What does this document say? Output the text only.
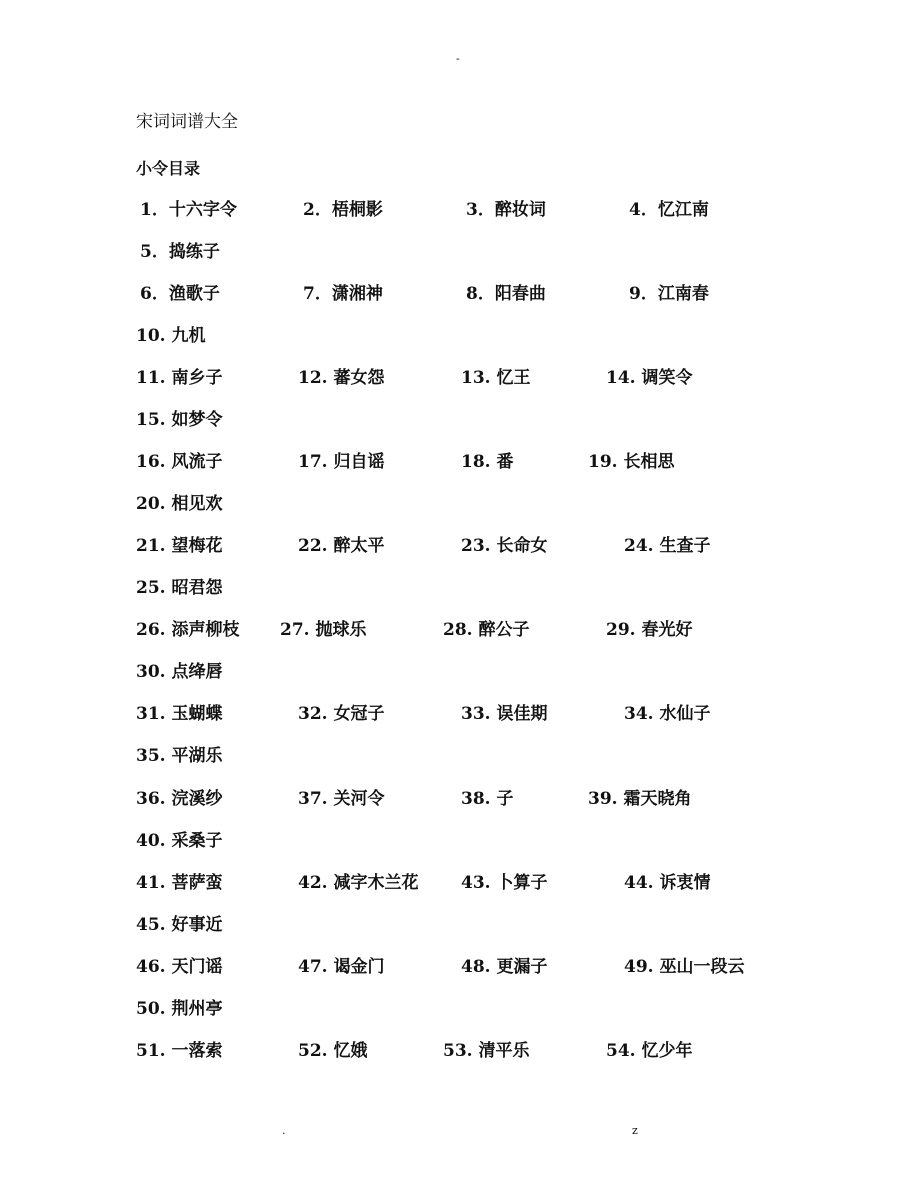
-
宋词词谱大全
小令目录
1．十六字令	2．梧桐影	3．醉妆词	4．忆江南
5．捣练子
6．渔歌子	7．潇湘神	8．阳春曲	9．江南春
10. 九机
11. 南乡子	12. 蕃女怨	13. 忆王	14. 调笑令
15. 如梦令
16. 风流子	17. 归自谣	18. 番	19. 长相思
20. 相见欢
21. 望梅花	22. 醉太平	23. 长命女	24. 生查子
25. 昭君怨
26. 添声柳枝 27. 抛球乐	28. 醉公子	29. 春光好
30. 点绛唇
31. 玉蝴蝶	32. 女冠子	33. 误佳期	34. 水仙子
35. 平湖乐
36. 浣溪纱	37. 关河令	38. 子	39. 霜天晓角
40. 采桑子
41. 菩萨蛮	42. 减字木兰花	43. 卜算子	44. 诉衷情
45. 好事近
46. 天门谣	47. 谒金门	48. 更漏子	49. 巫山一段云
50. 荆州亭
51. 一落索	52. 忆娥	53. 清平乐	54. 忆少年
.	z
